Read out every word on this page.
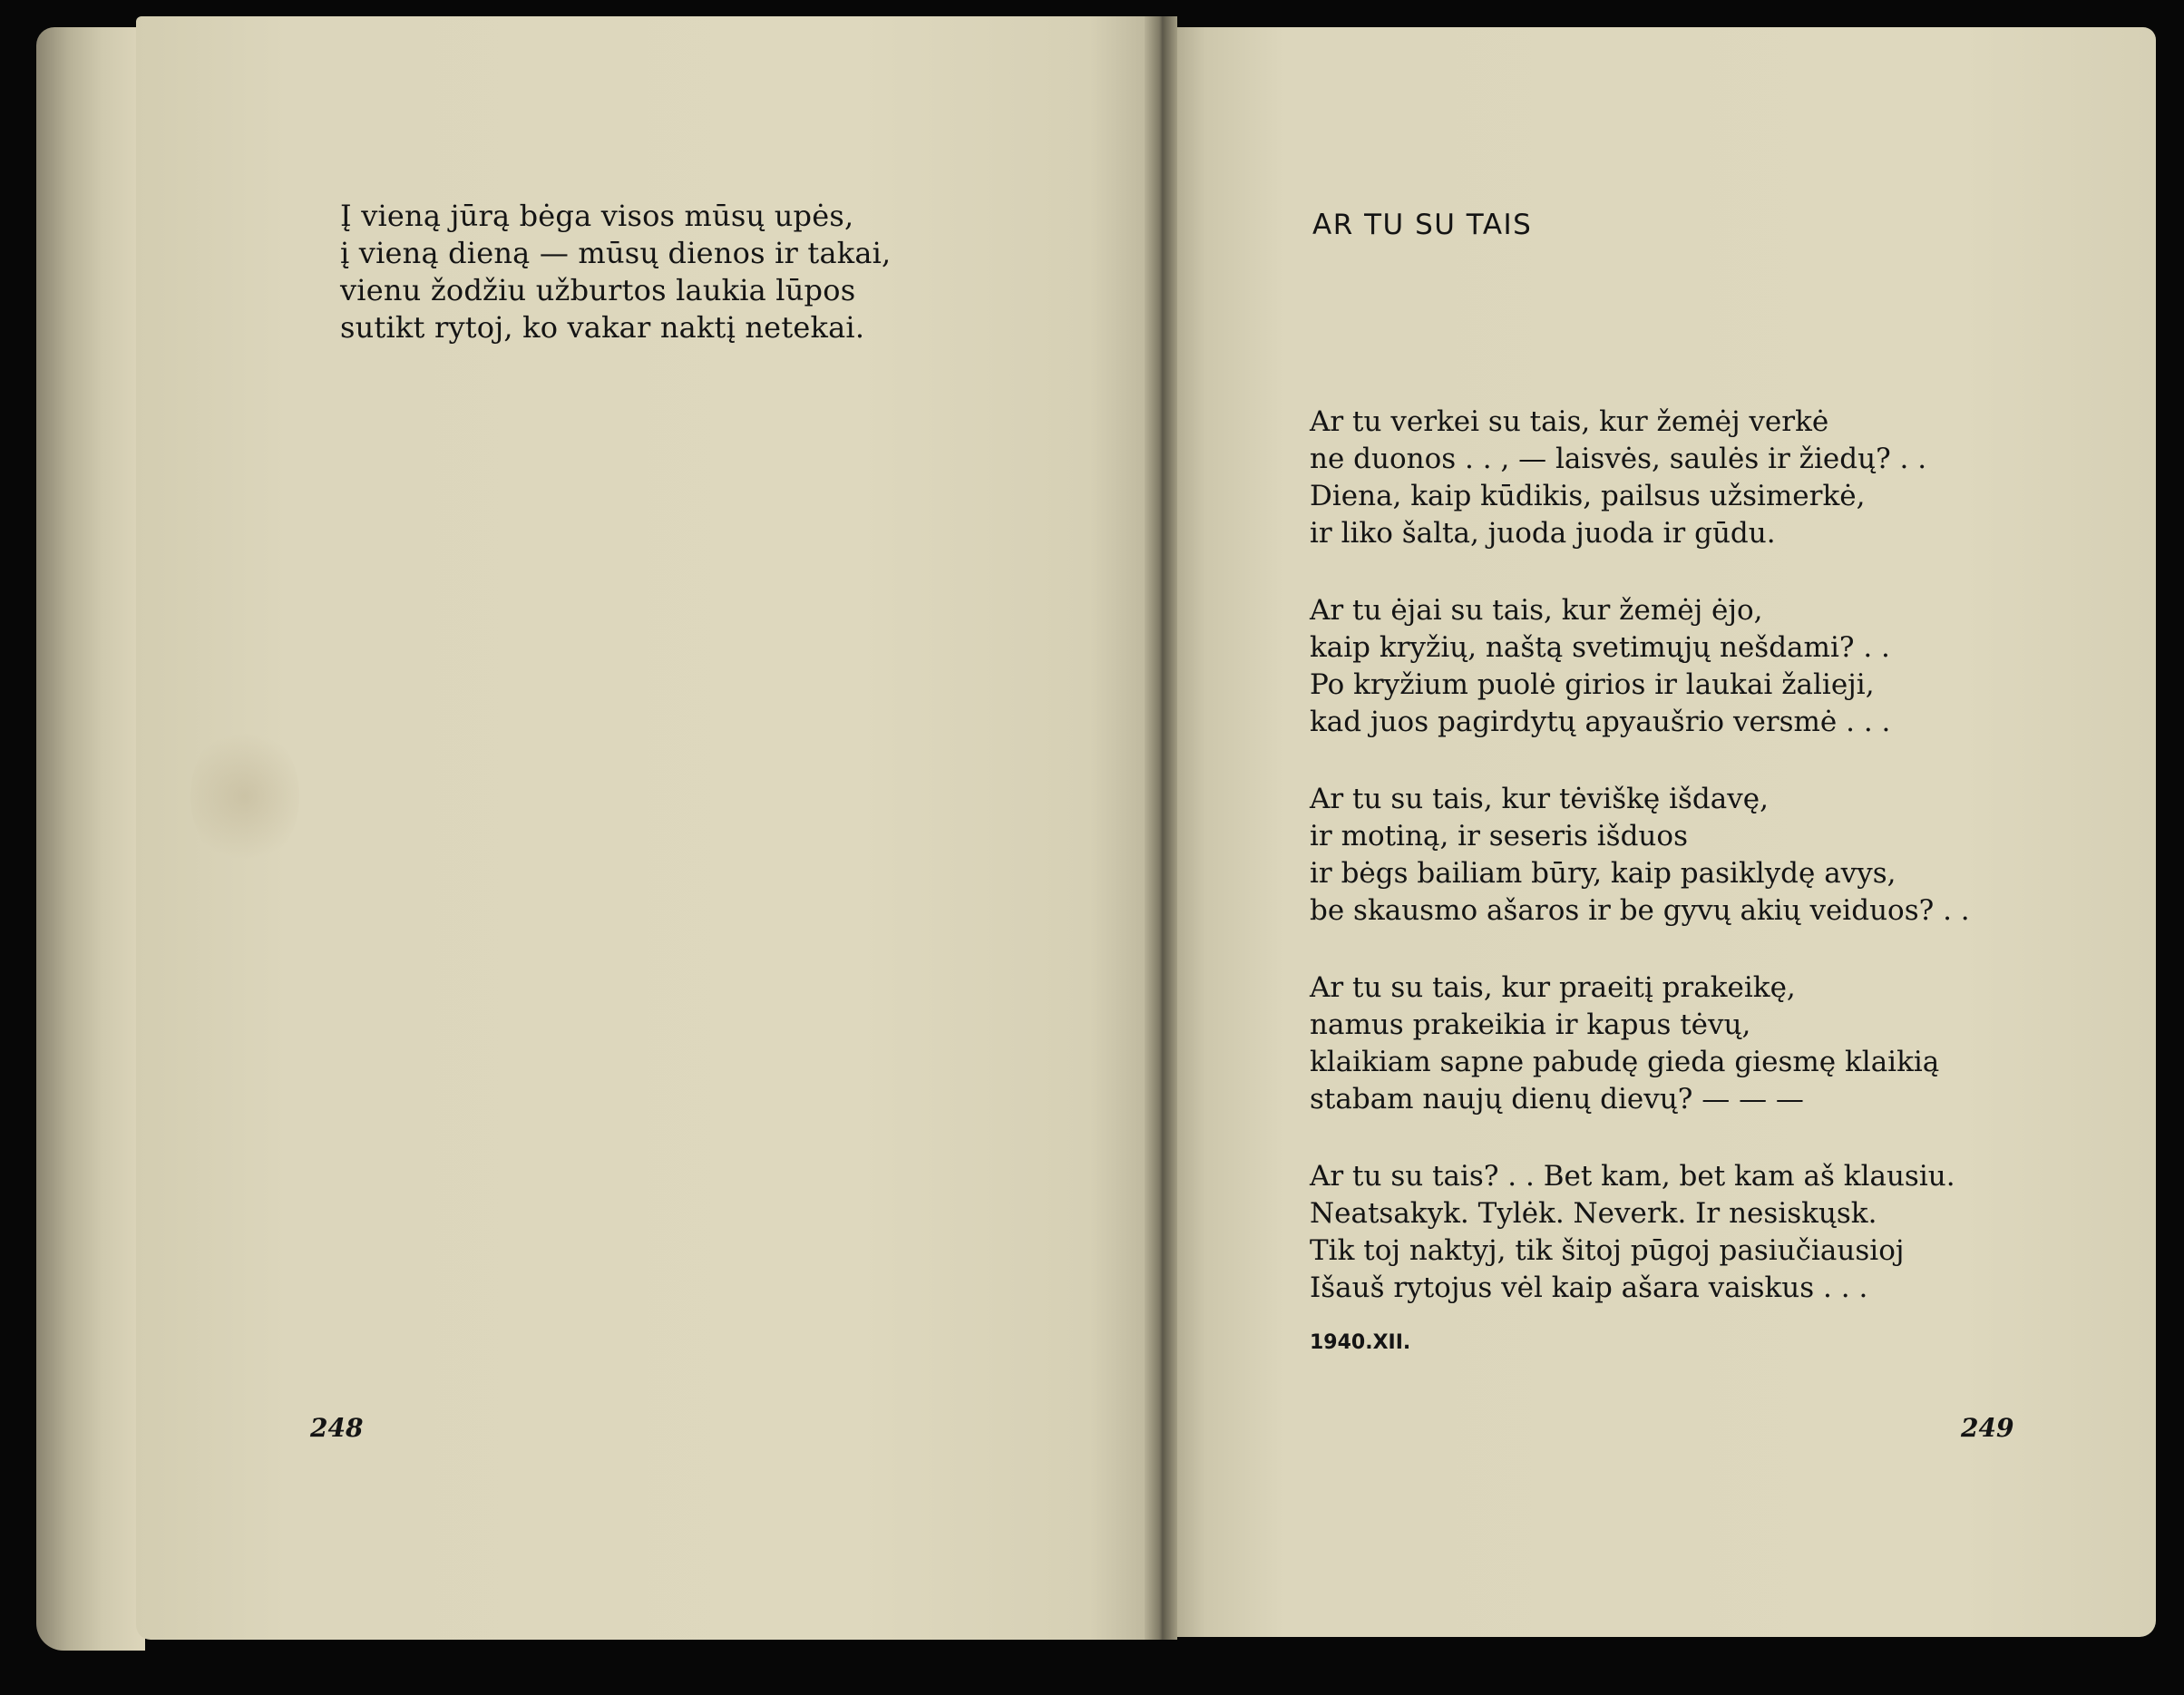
Į vieną jūrą bėga visos mūsų upės,
į vieną dieną — mūsų dienos ir takai,
vienu žodžiu užburtos laukia lūpos
sutikt rytoj, ko vakar naktį netekai.
248
AR TU SU TAIS
Ar tu verkei su tais, kur žemėj verkė
ne duonos . . , — laisvės, saulės ir žiedų? . .
Diena, kaip kūdikis, pailsus užsimerkė,
ir liko šalta, juoda juoda ir gūdu.
Ar tu ėjai su tais, kur žemėj ėjo,
kaip kryžių, naštą svetimųjų nešdami? . .
Po kryžium puolė girios ir laukai žalieji,
kad juos pagirdytų apyaušrio versmė . . .
Ar tu su tais, kur tėviškę išdavę,
ir motiną, ir seseris išduos
ir bėgs bailiam būry, kaip pasiklydę avys,
be skausmo ašaros ir be gyvų akių veiduos? . .
Ar tu su tais, kur praeitį prakeikę,
namus prakeikia ir kapus tėvų,
klaikiam sapne pabudę gieda giesmę klaikią
stabam naujų dienų dievų? — — —
Ar tu su tais? . . Bet kam, bet kam aš klausiu.
Neatsakyk. Tylėk. Neverk. Ir nesiskųsk.
Tik toj naktyj, tik šitoj pūgoj pasiučiausioj
Išauš rytojus vėl kaip ašara vaiskus . . .
1940.XII.
249
